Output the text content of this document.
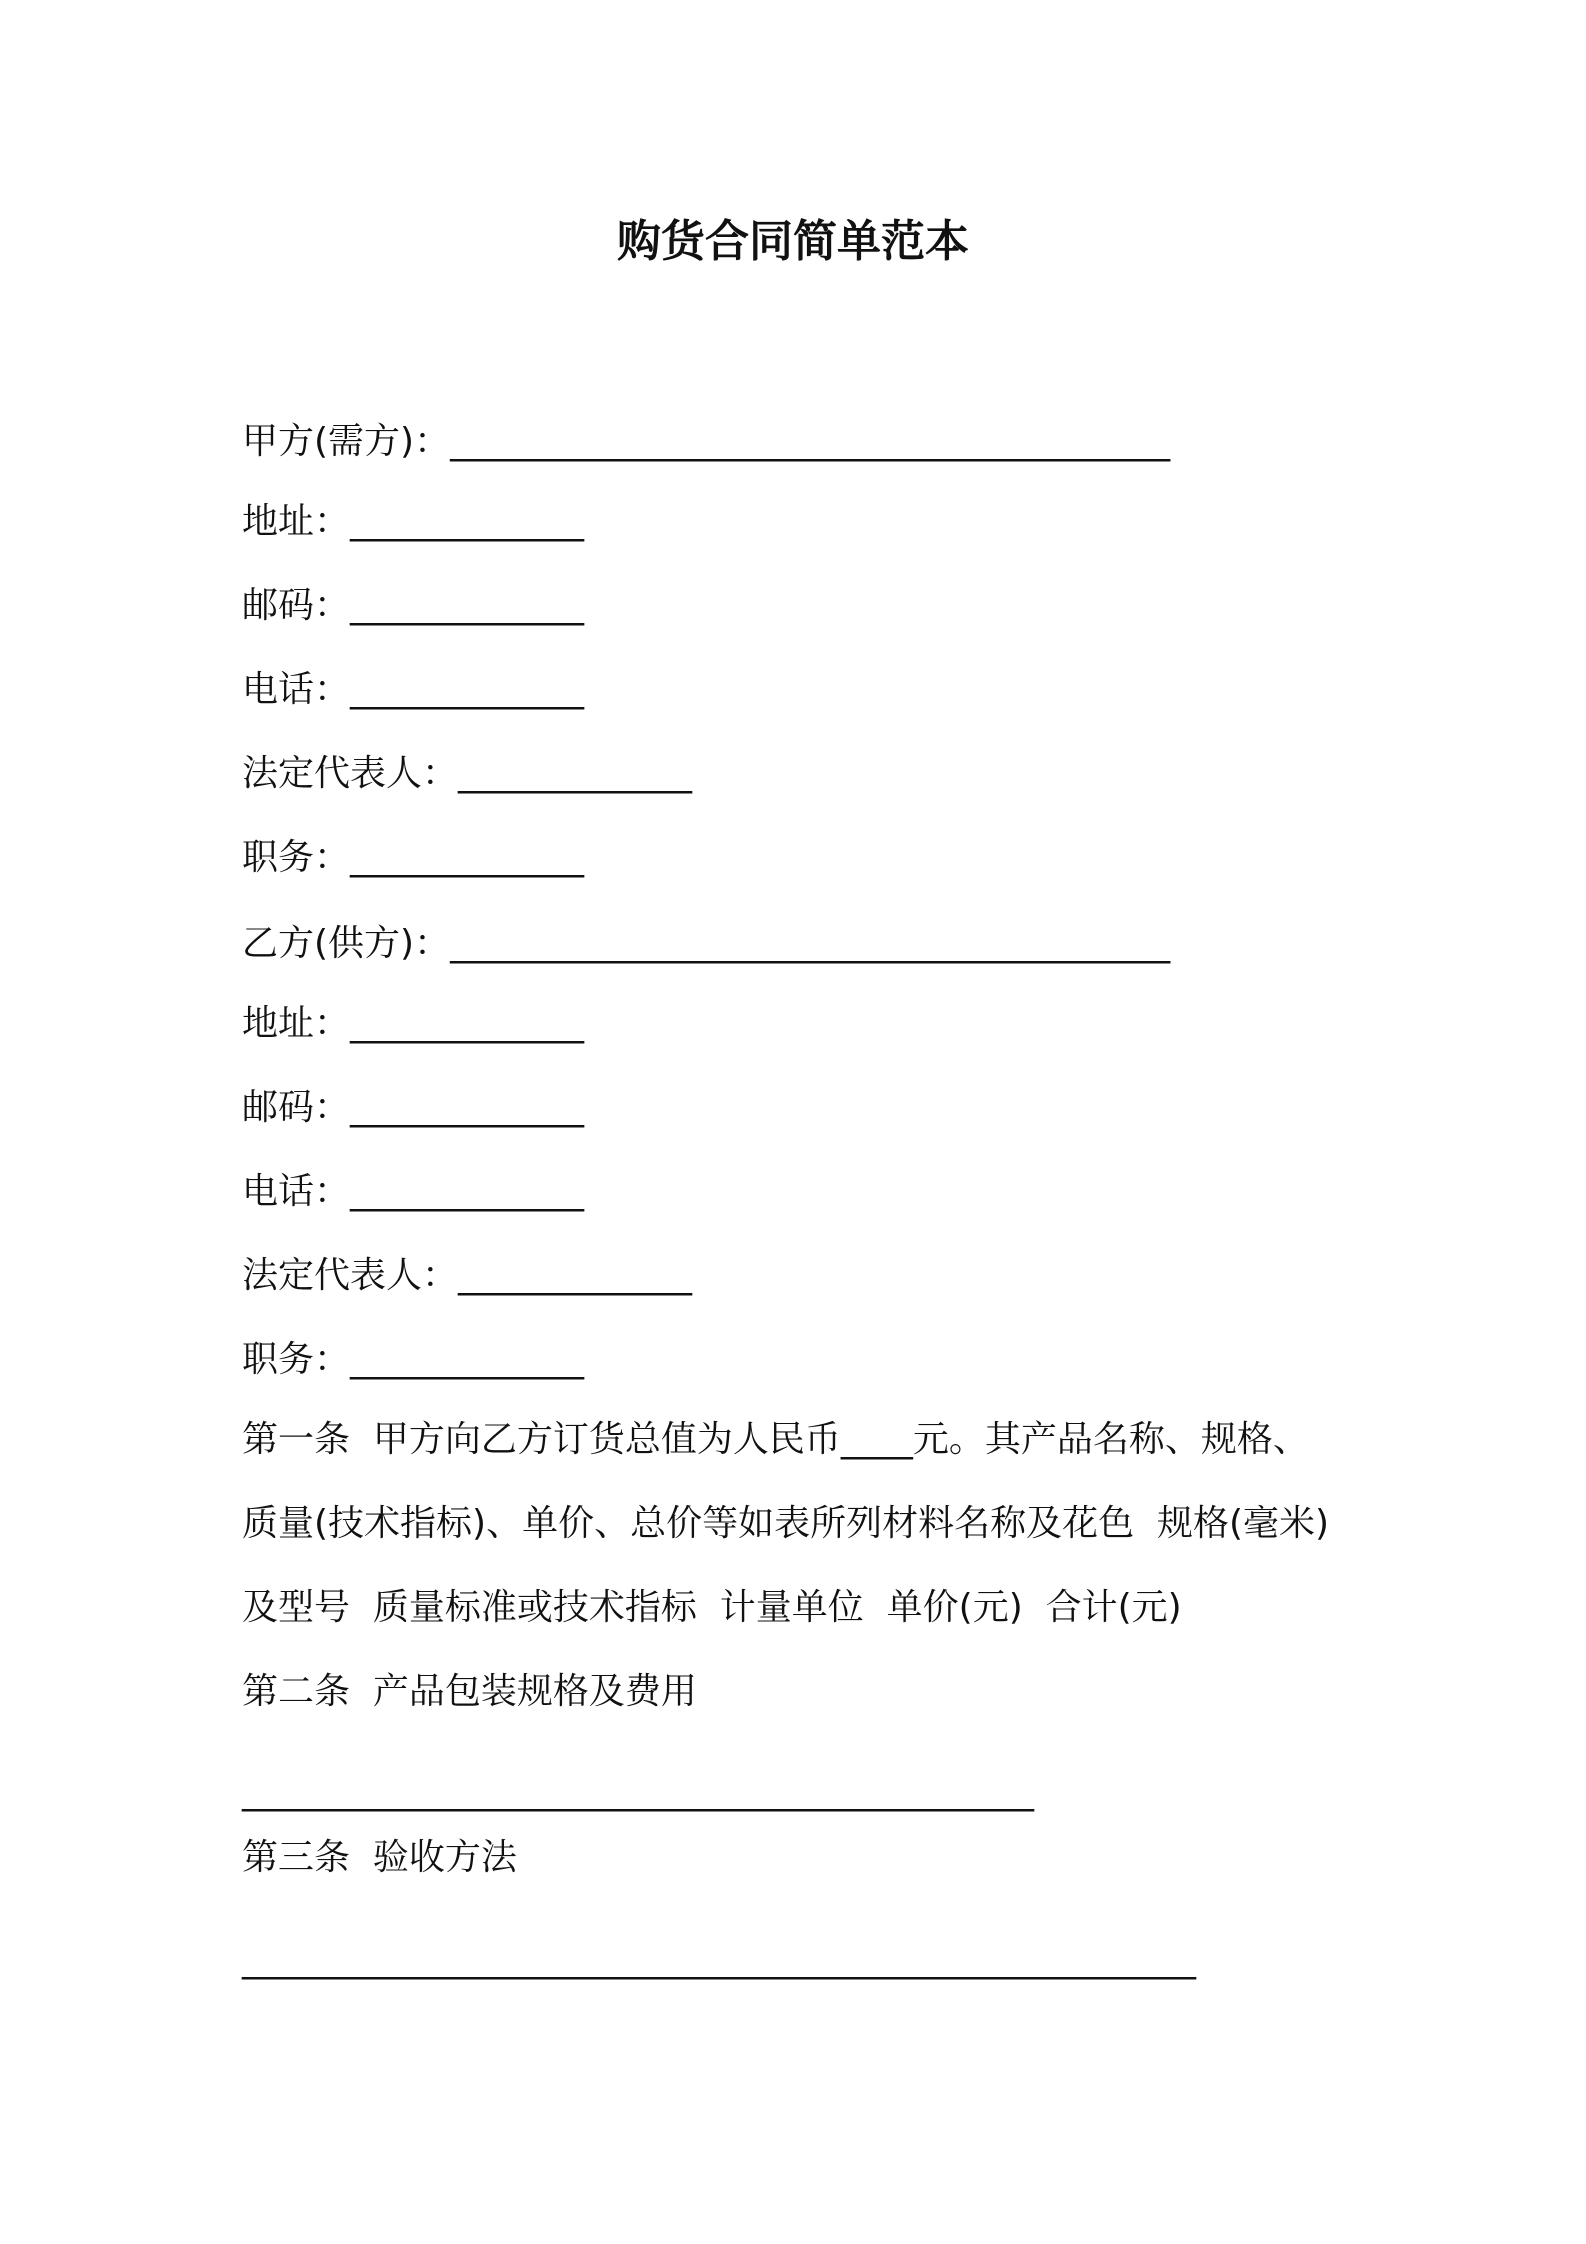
购货合同简单范本

甲方(需方)：________________________________________

地址：_____________

邮码：_____________

电话：_____________

法定代表人：_____________

职务：_____________

乙方(供方)：________________________________________

地址：_____________

邮码：_____________

电话：_____________

法定代表人：_____________

职务：_____________

第一条  甲方向乙方订货总值为人民币____元。其产品名称、规格、

质量(技术指标)、单价、总价等如表所列材料名称及花色  规格(毫米)

及型号  质量标准或技术指标  计量单位  单价(元)  合计(元)

第二条  产品包装规格及费用

____________________________________________

第三条  验收方法

_____________________________________________________
